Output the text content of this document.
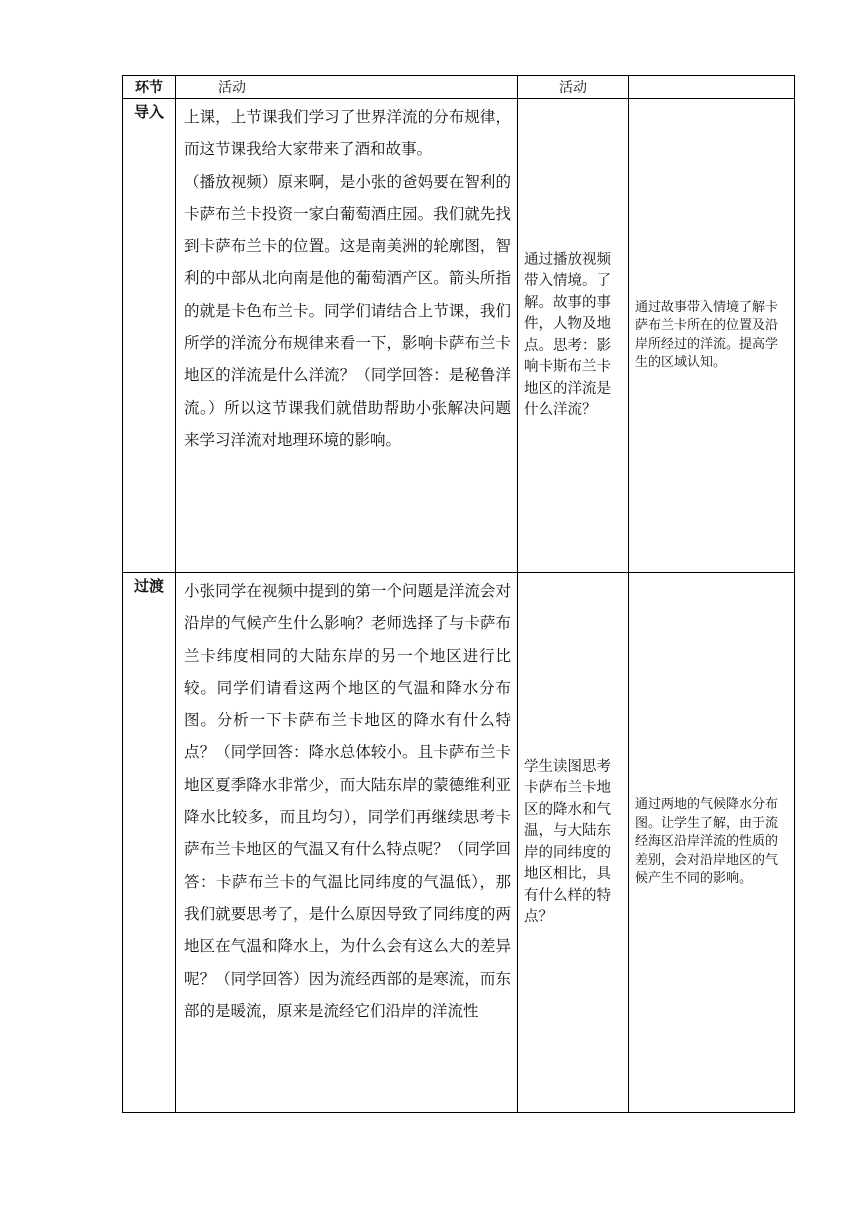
环节	活动	活动	
导入	上课，上节课我们学习了世界洋流的分布规律，而这节课我给大家带来了酒和故事。

（播放视频）原来啊，是小张的爸妈要在智利的卡萨布兰卡投资一家白葡萄酒庄园。我们就先找到卡萨布兰卡的位置。这是南美洲的轮廓图，智利的中部从北向南是他的葡萄酒产区。箭头所指的就是卡色布兰卡。同学们请结合上节课，我们所学的洋流分布规律来看一下，影响卡萨布兰卡地区的洋流是什么洋流？（同学回答：是秘鲁洋流。）所以这节课我们就借助帮助小张解决问题来学习洋流对地理环境的影响。	通过播放视频带入情境。了解。故事的事件，人物及地点。思考：影响卡斯布兰卡地区的洋流是什么洋流？	通过故事带入情境了解卡萨布兰卡所在的位置及沿岸所经过的洋流。提高学生的区域认知。
过渡	小张同学在视频中提到的第一个问题是洋流会对沿岸的气候产生什么影响？老师选择了与卡萨布兰卡纬度相同的大陆东岸的另一个地区进行比较。同学们请看这两个地区的气温和降水分布图。分析一下卡萨布兰卡地区的降水有什么特点？（同学回答：降水总体较小。且卡萨布兰卡地区夏季降水非常少，而大陆东岸的蒙德维利亚降水比较多，而且均匀），同学们再继续思考卡萨布兰卡地区的气温又有什么特点呢？（同学回答：卡萨布兰卡的气温比同纬度的气温低），那我们就要思考了，是什么原因导致了同纬度的两地区在气温和降水上，为什么会有这么大的差异呢？（同学回答）因为流经西部的是寒流，而东部的是暖流，原来是流经它们沿岸的洋流性	学生读图思考卡萨布兰卡地区的降水和气温，与大陆东岸的同纬度的地区相比，具有什么样的特点？	通过两地的气候降水分布图。让学生了解，由于流经海区沿岸洋流的性质的差别，会对沿岸地区的气候产生不同的影响。
